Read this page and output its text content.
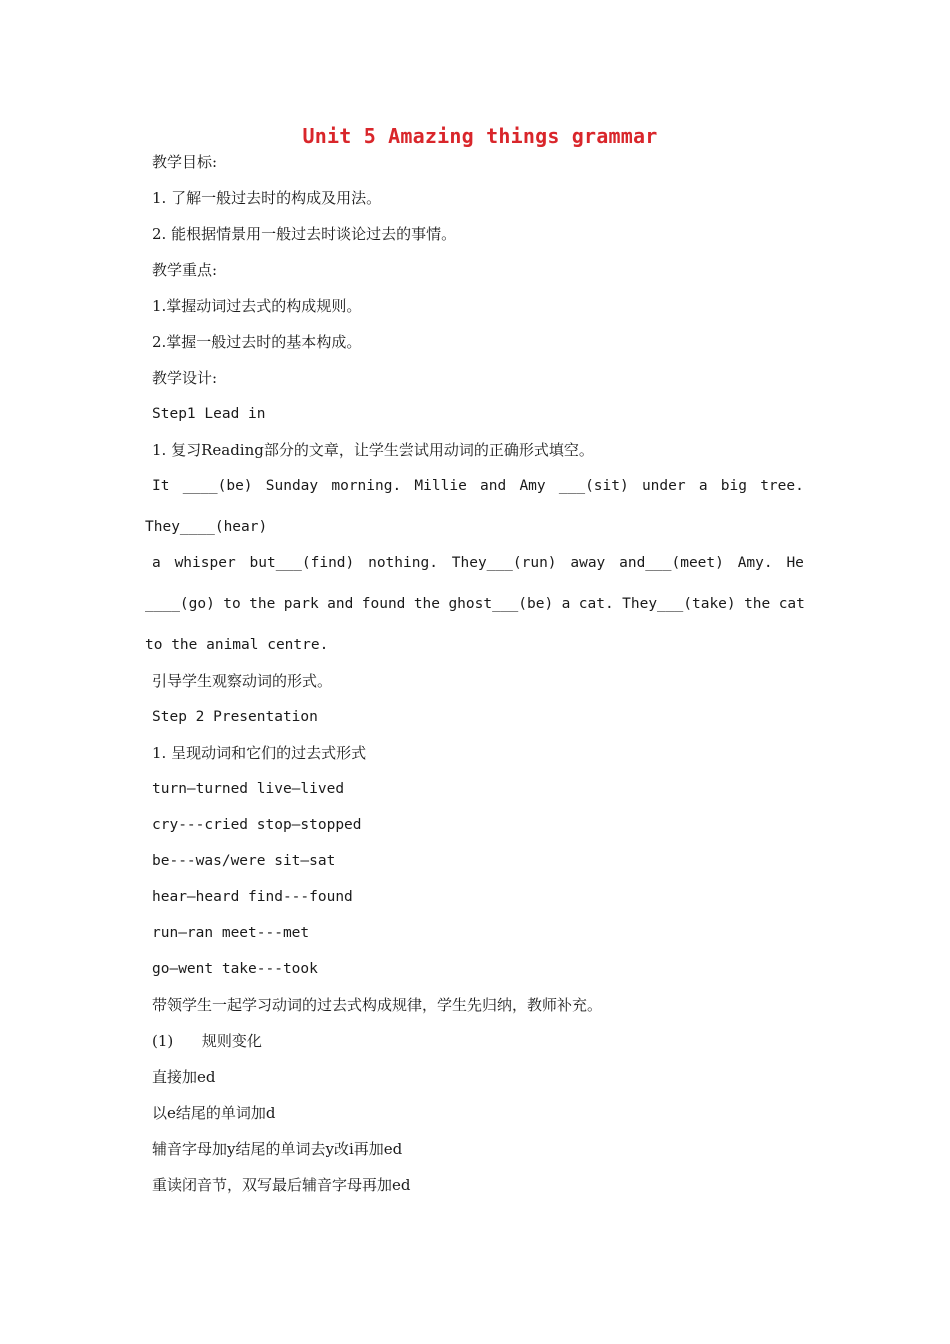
Unit 5 Amazing things grammar
教学目标:
1. 了解一般过去时的构成及用法。
2. 能根据情景用一般过去时谈论过去的事情。
教学重点:
1.掌握动词过去式的构成规则。
2.掌握一般过去时的基本构成。
教学设计:
Step1 Lead in
1. 复习Reading部分的文章，让学生尝试用动词的正确形式填空。
It ____(be) Sunday morning. Millie and Amy ___(sit) under a big tree.
They____(hear)
a whisper but___(find) nothing. They___(run) away and___(meet) Amy. He
____(go) to the park and found the ghost___(be) a cat. They___(take) the cat
to the animal centre.
引导学生观察动词的形式。
Step 2 Presentation
1. 呈现动词和它们的过去式形式
turn—turned live—lived
cry---cried stop—stopped
be---was/were sit—sat
hear—heard find---found
run—ran meet---met
go—went take---took
带领学生一起学习动词的过去式构成规律，学生先归纳，教师补充。
(1)      规则变化
直接加ed
以e结尾的单词加d
辅音字母加y结尾的单词去y改i再加ed
重读闭音节，双写最后辅音字母再加ed
